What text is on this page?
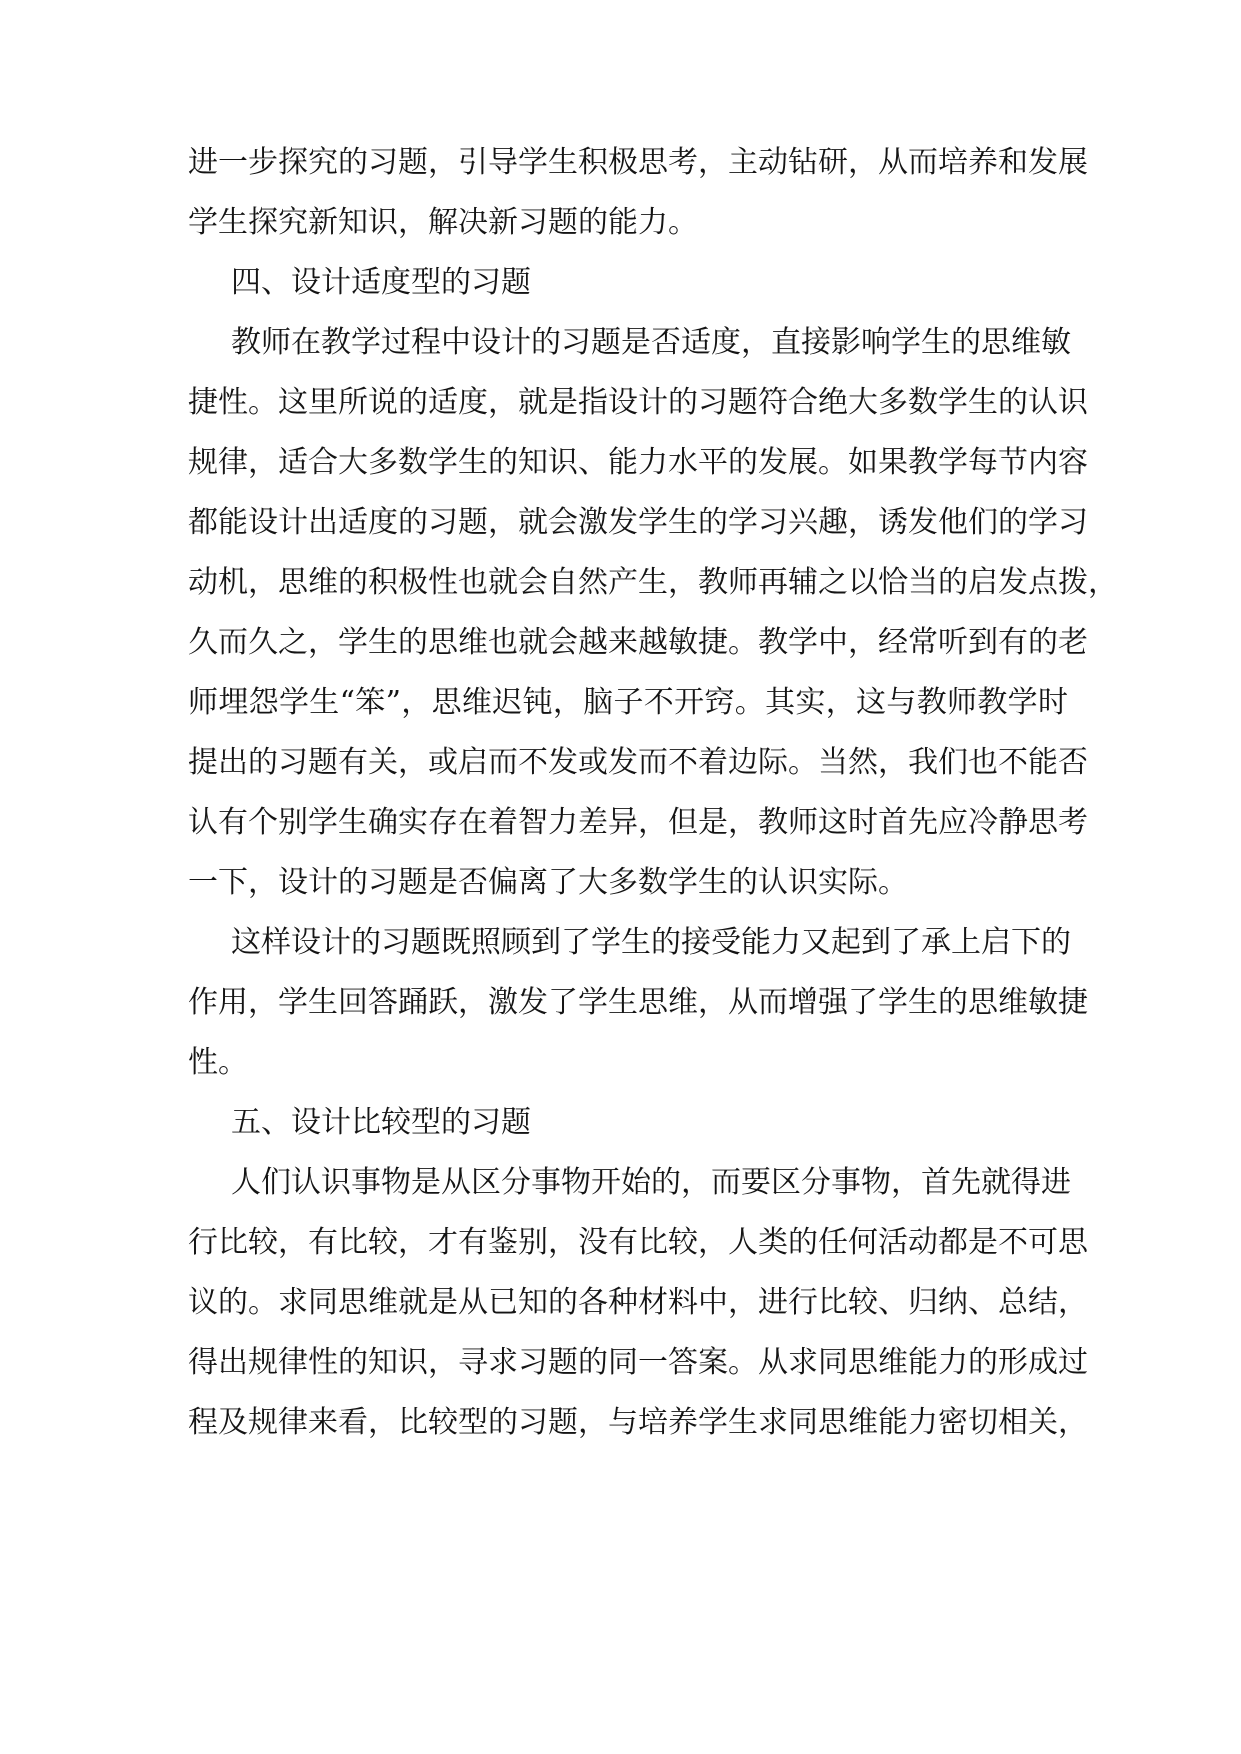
进一步探究的习题，引导学生积极思考，主动钻研，从而培养和发展
学生探究新知识，解决新习题的能力。
四、设计适度型的习题
教师在教学过程中设计的习题是否适度，直接影响学生的思维敏
捷性。这里所说的适度，就是指设计的习题符合绝大多数学生的认识
规律，适合大多数学生的知识、能力水平的发展。如果教学每节内容
都能设计出适度的习题，就会激发学生的学习兴趣，诱发他们的学习
动机，思维的积极性也就会自然产生，教师再辅之以恰当的启发点拨，
久而久之，学生的思维也就会越来越敏捷。教学中，经常听到有的老
师埋怨学生“笨”，思维迟钝，脑子不开窍。其实，这与教师教学时
提出的习题有关，或启而不发或发而不着边际。当然，我们也不能否
认有个别学生确实存在着智力差异，但是，教师这时首先应冷静思考
一下，设计的习题是否偏离了大多数学生的认识实际。
这样设计的习题既照顾到了学生的接受能力又起到了承上启下的
作用，学生回答踊跃，激发了学生思维，从而增强了学生的思维敏捷
性。
五、设计比较型的习题
人们认识事物是从区分事物开始的，而要区分事物，首先就得进
行比较，有比较，才有鉴别，没有比较，人类的任何活动都是不可思
议的。求同思维就是从已知的各种材料中，进行比较、归纳、总结，
得出规律性的知识，寻求习题的同一答案。从求同思维能力的形成过
程及规律来看，比较型的习题，与培养学生求同思维能力密切相关，
